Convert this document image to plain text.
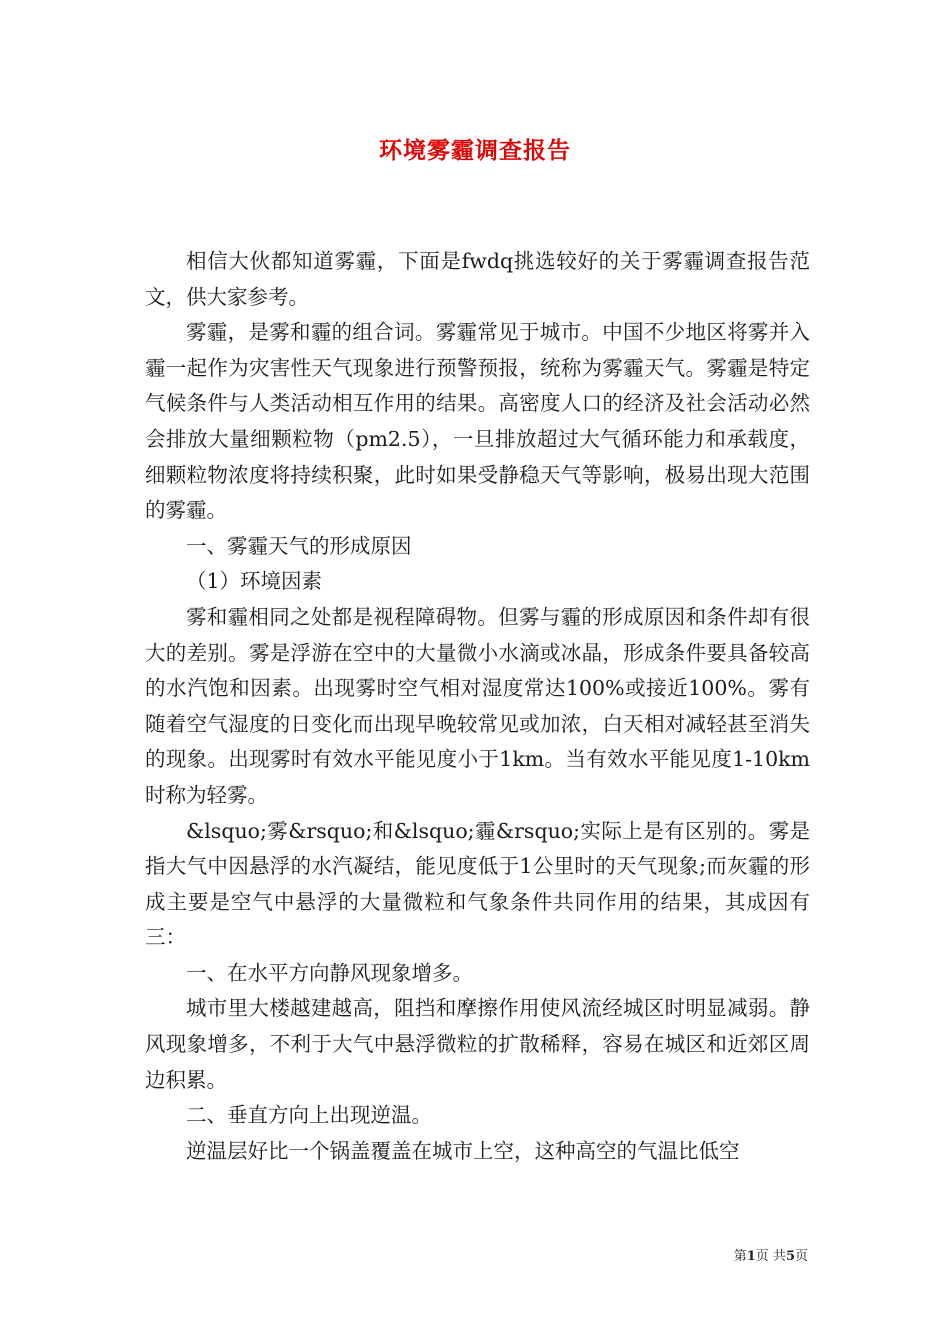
环境雾霾调查报告

相信大伙都知道雾霾，下面是fwdq挑选较好的关于雾霾调查报告范文，供大家参考。

雾霾，是雾和霾的组合词。雾霾常见于城市。中国不少地区将雾并入霾一起作为灾害性天气现象进行预警预报，统称为雾霾天气。雾霾是特定气候条件与人类活动相互作用的结果。高密度人口的经济及社会活动必然会排放大量细颗粒物（pm2.5），一旦排放超过大气循环能力和承载度，细颗粒物浓度将持续积聚，此时如果受静稳天气等影响，极易出现大范围的雾霾。

一、雾霾天气的形成原因

（1）环境因素

雾和霾相同之处都是视程障碍物。但雾与霾的形成原因和条件却有很大的差别。雾是浮游在空中的大量微小水滴或冰晶，形成条件要具备较高的水汽饱和因素。出现雾时空气相对湿度常达100%或接近100%。雾有随着空气湿度的日变化而出现早晚较常见或加浓，白天相对减轻甚至消失的现象。出现雾时有效水平能见度小于1km。当有效水平能见度1-10km时称为轻雾。

&lsquo;雾&rsquo;和&lsquo;霾&rsquo;实际上是有区别的。雾是指大气中因悬浮的水汽凝结，能见度低于1公里时的天气现象;而灰霾的形成主要是空气中悬浮的大量微粒和气象条件共同作用的结果，其成因有三：

一、在水平方向静风现象增多。

城市里大楼越建越高，阻挡和摩擦作用使风流经城区时明显减弱。静风现象增多，不利于大气中悬浮微粒的扩散稀释，容易在城区和近郊区周边积累。

二、垂直方向上出现逆温。

逆温层好比一个锅盖覆盖在城市上空，这种高空的气温比低空

第1页 共5页
